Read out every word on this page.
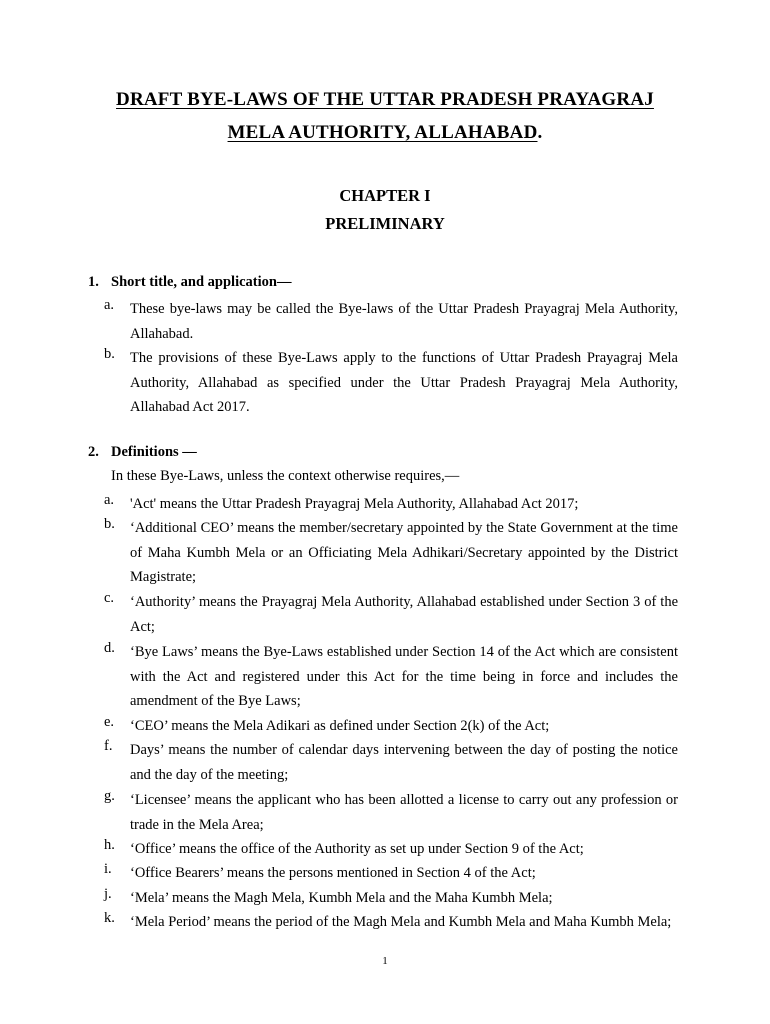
DRAFT BYE-LAWS OF THE UTTAR PRADESH PRAYAGRAJ
MELA AUTHORITY, ALLAHABAD.
CHAPTER I
PRELIMINARY
1. Short title, and application—
a.	These bye-laws may be called the Bye-laws of the Uttar Pradesh Prayagraj Mela Authority, Allahabad.
b.	The provisions of these Bye-Laws apply to the functions of Uttar Pradesh Prayagraj Mela Authority, Allahabad as specified under the Uttar Pradesh Prayagraj Mela Authority, Allahabad Act 2017.
2. Definitions —
In these Bye-Laws, unless the context otherwise requires,—
a.	'Act' means the Uttar Pradesh Prayagraj Mela Authority, Allahabad Act 2017;
b.	‘Additional CEO’ means the member/secretary appointed by the State Government at the time of Maha Kumbh Mela or an Officiating Mela Adhikari/Secretary appointed by the District Magistrate;
c.	‘Authority’ means the Prayagraj Mela Authority, Allahabad established under Section 3 of the Act;
d.	‘Bye Laws’ means the Bye-Laws established under Section 14 of the Act which are consistent with the Act and registered under this Act for the time being in force and includes the amendment of the Bye Laws;
e.	‘CEO’ means the Mela Adikari as defined under Section 2(k) of the Act;
f.	Days’ means the number of calendar days intervening between the day of posting the notice and the day of the meeting;
g.	‘Licensee’ means the applicant who has been allotted a license to carry out any profession or trade in the Mela Area;
h.	‘Office’ means the office of the Authority as set up under Section 9 of the Act;
i.	‘Office Bearers’ means the persons mentioned in Section 4 of the Act;
j.	‘Mela’ means the Magh Mela, Kumbh Mela and the Maha Kumbh Mela;
k.	‘Mela Period’ means the period of the Magh Mela and Kumbh Mela and Maha Kumbh Mela;
1
